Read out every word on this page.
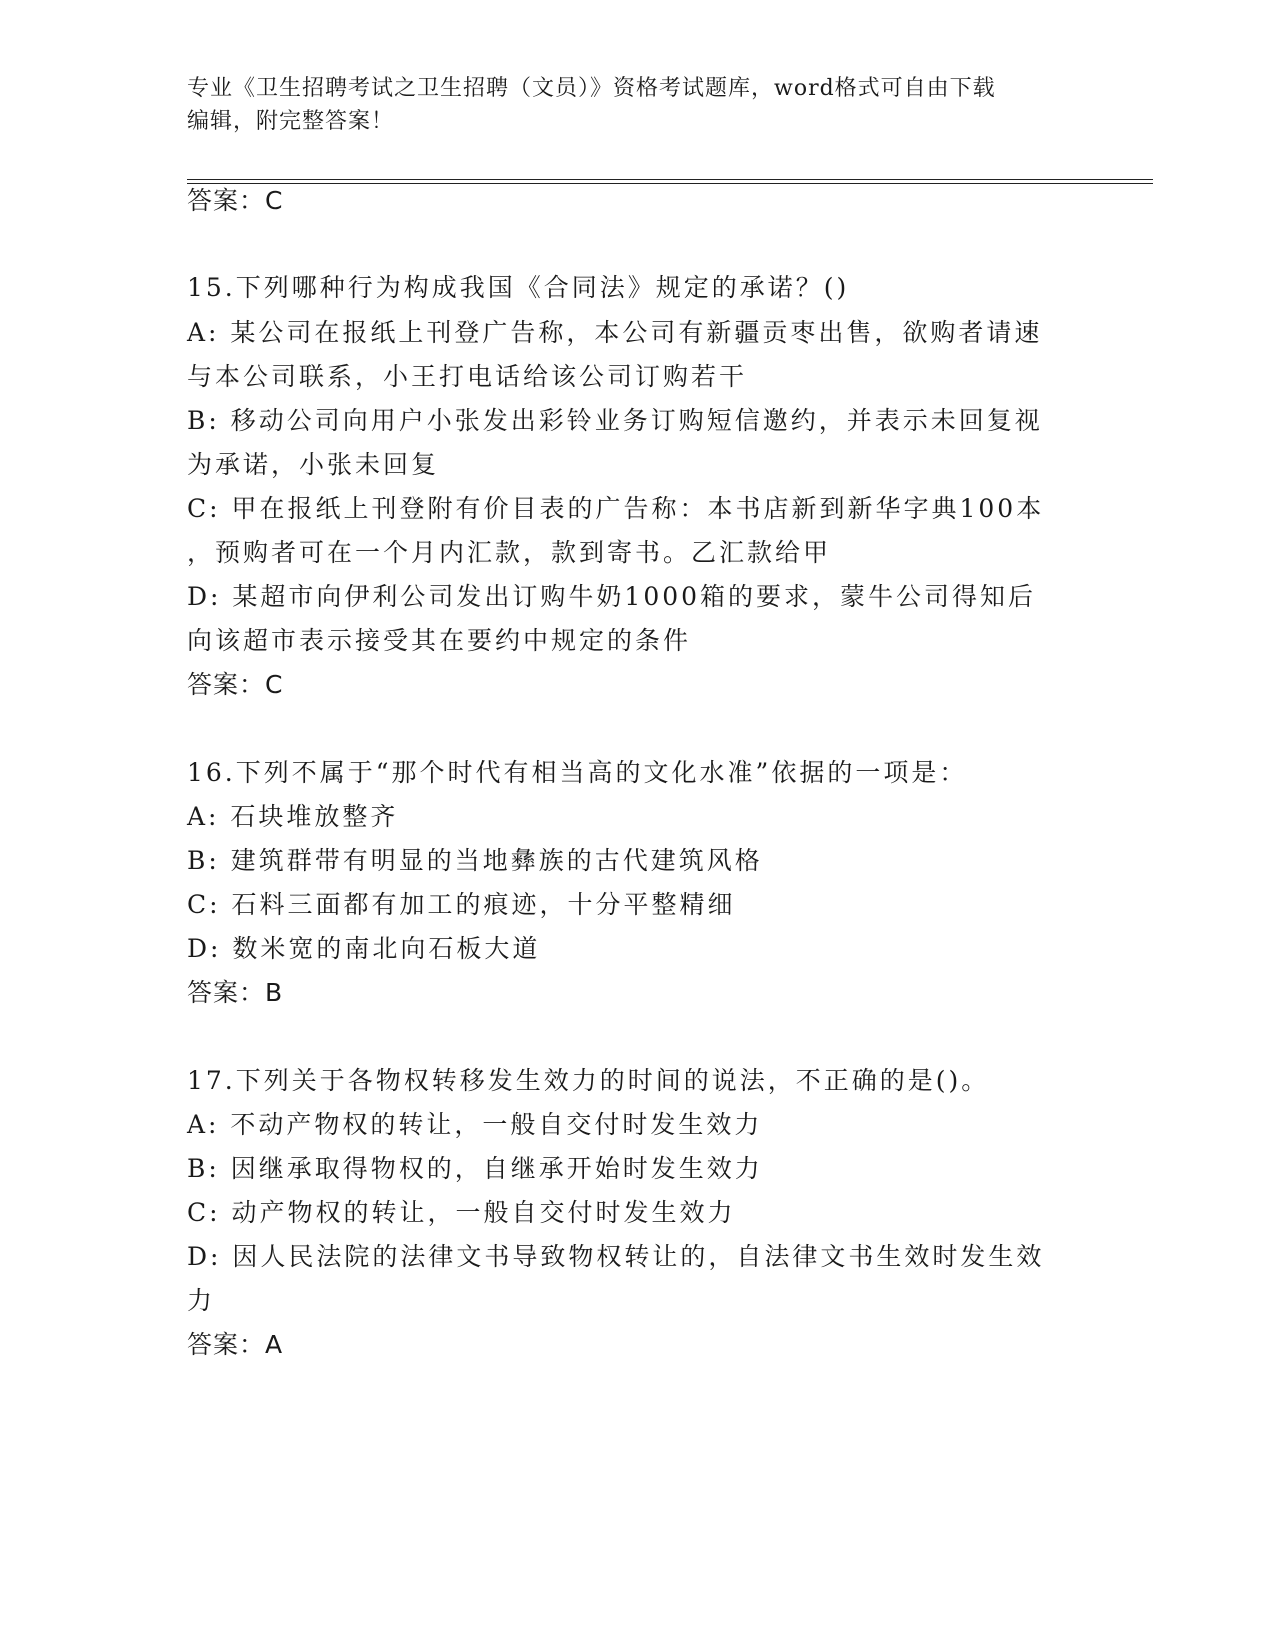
专业《卫生招聘考试之卫生招聘（文员）》资格考试题库，word格式可自由下载
编辑，附完整答案！
答案：C
15.下列哪种行为构成我国《合同法》规定的承诺？()
A: 某公司在报纸上刊登广告称，本公司有新疆贡枣出售，欲购者请速
与本公司联系，小王打电话给该公司订购若干
B: 移动公司向用户小张发出彩铃业务订购短信邀约，并表示未回复视
为承诺，小张未回复
C: 甲在报纸上刊登附有价目表的广告称：本书店新到新华字典100本
，预购者可在一个月内汇款，款到寄书。乙汇款给甲
D: 某超市向伊利公司发出订购牛奶1000箱的要求，蒙牛公司得知后
向该超市表示接受其在要约中规定的条件
答案：C
16.下列不属于“那个时代有相当高的文化水准”依据的一项是：
A: 石块堆放整齐
B: 建筑群带有明显的当地彝族的古代建筑风格
C: 石料三面都有加工的痕迹，十分平整精细
D: 数米宽的南北向石板大道
答案：B
17.下列关于各物权转移发生效力的时间的说法，不正确的是()。
A: 不动产物权的转让，一般自交付时发生效力
B: 因继承取得物权的，自继承开始时发生效力
C: 动产物权的转让，一般自交付时发生效力
D: 因人民法院的法律文书导致物权转让的，自法律文书生效时发生效
力
答案：A
